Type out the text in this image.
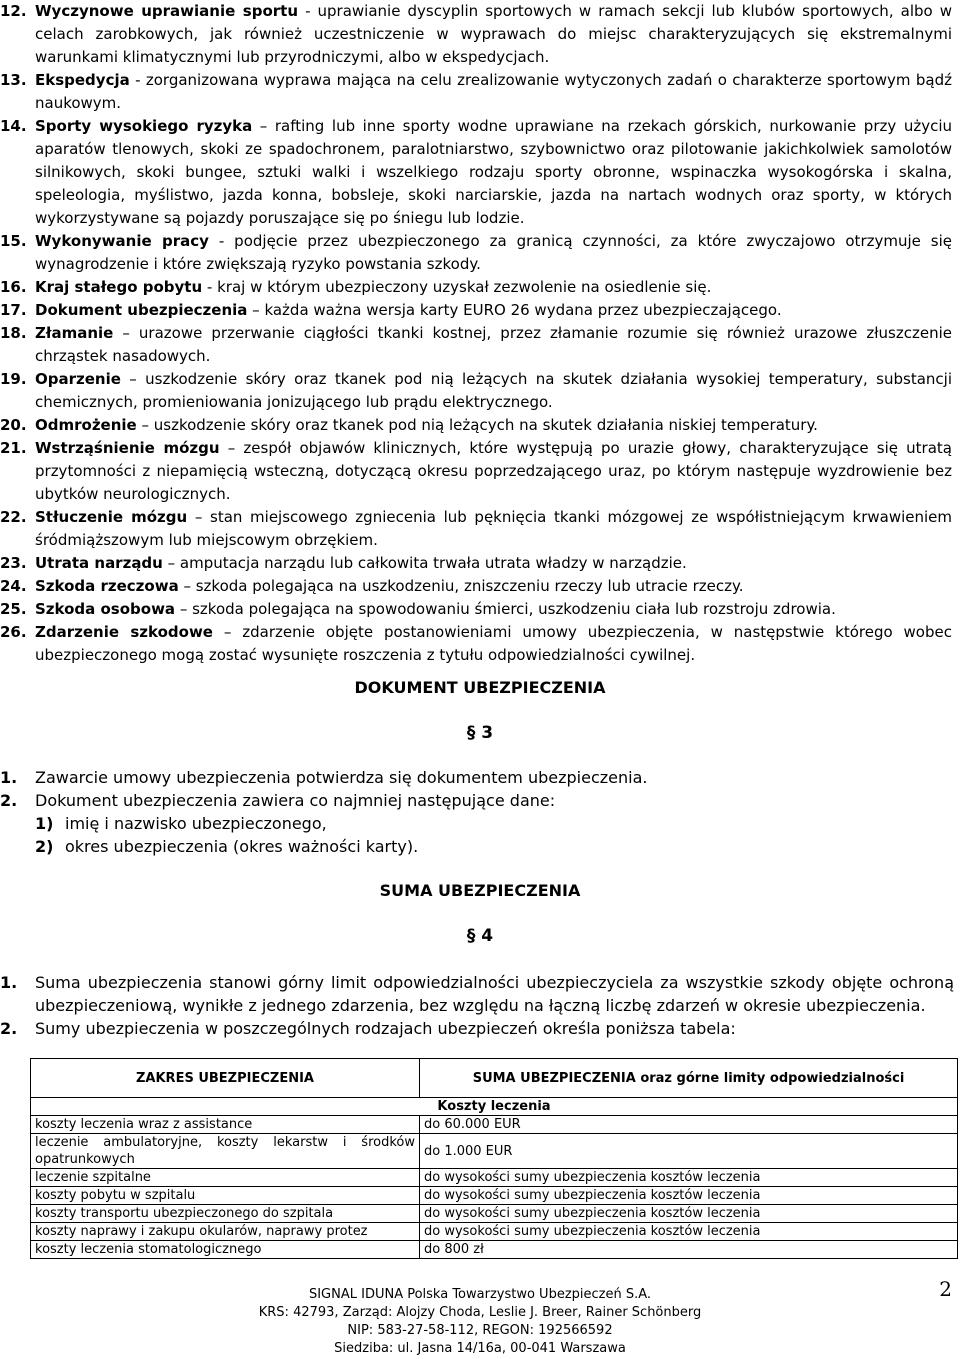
12. Wyczynowe uprawianie sportu - uprawianie dyscyplin sportowych w ramach sekcji lub klubów sportowych, albo w celach zarobkowych, jak również uczestniczenie w wyprawach do miejsc charakteryzujących się ekstremalnymi warunkami klimatycznymi lub przyrodniczymi, albo w ekspedycjach.
13. Ekspedycja - zorganizowana wyprawa mająca na celu zrealizowanie wytyczonych zadań o charakterze sportowym bądź naukowym.
14. Sporty wysokiego ryzyka – rafting lub inne sporty wodne uprawiane na rzekach górskich, nurkowanie przy użyciu aparatów tlenowych, skoki ze spadochronem, paralotniarstwo, szybownictwo oraz pilotowanie jakichkolwiek samolotów silnikowych, skoki bungee, sztuki walki i wszelkiego rodzaju sporty obronne, wspinaczka wysokogórska i skalna, speleologia, myślistwo, jazda konna, bobsleje, skoki narciarskie, jazda na nartach wodnych oraz sporty, w których wykorzystywane są pojazdy poruszające się po śniegu lub lodzie.
15. Wykonywanie pracy - podjęcie przez ubezpieczonego za granicą czynności, za które zwyczajowo otrzymuje się wynagrodzenie i które zwiększają ryzyko powstania szkody.
16. Kraj stałego pobytu - kraj w którym ubezpieczony uzyskał zezwolenie na osiedlenie się.
17. Dokument ubezpieczenia – każda ważna wersja karty EURO 26 wydana przez ubezpieczającego.
18. Złamanie – urazowe przerwanie ciągłości tkanki kostnej, przez złamanie rozumie się również urazowe złuszczenie chrząstek nasadowych.
19. Oparzenie – uszkodzenie skóry oraz tkanek pod nią leżących na skutek działania wysokiej temperatury, substancji chemicznych, promieniowania jonizującego lub prądu elektrycznego.
20. Odmrożenie – uszkodzenie skóry oraz tkanek pod nią leżących na skutek działania niskiej temperatury.
21. Wstrząśnienie mózgu – zespół objawów klinicznych, które występują po urazie głowy, charakteryzujące się utratą przytomności z niepamięcią wsteczną, dotyczącą okresu poprzedzającego uraz, po którym następuje wyzdrowienie bez ubytków neurologicznych.
22. Stłuczenie mózgu – stan miejscowego zgniecenia lub pęknięcia tkanki mózgowej ze współistniejącym krwawieniem śródmiąższowym lub miejscowym obrzękiem.
23. Utrata narządu – amputacja narządu lub całkowita trwała utrata władzy w narządzie.
24. Szkoda rzeczowa – szkoda polegająca na uszkodzeniu, zniszczeniu rzeczy lub utracie rzeczy.
25. Szkoda osobowa – szkoda polegająca na spowodowaniu śmierci, uszkodzeniu ciała lub rozstroju zdrowia.
26. Zdarzenie szkodowe – zdarzenie objęte postanowieniami umowy ubezpieczenia, w następstwie którego wobec ubezpieczonego mogą zostać wysunięte roszczenia z tytułu odpowiedzialności cywilnej.
DOKUMENT UBEZPIECZENIA
§ 3
1. Zawarcie umowy ubezpieczenia potwierdza się dokumentem ubezpieczenia.
2. Dokument ubezpieczenia zawiera co najmniej następujące dane:
1) imię i nazwisko ubezpieczonego,
2) okres ubezpieczenia (okres ważności karty).
SUMA UBEZPIECZENIA
§ 4
1. Suma ubezpieczenia stanowi górny limit odpowiedzialności ubezpieczyciela za wszystkie szkody objęte ochroną ubezpieczeniową, wynikłe z jednego zdarzenia, bez względu na łączną liczbę zdarzeń w okresie ubezpieczenia.
2. Sumy ubezpieczenia w poszczególnych rodzajach ubezpieczeń określa poniższa tabela:
ZAKRES UBEZPIECZENIA	SUMA UBEZPIECZENIA oraz górne limity odpowiedzialności
Koszty leczenia	
koszty leczenia wraz z assistance	do 60.000 EUR
leczenie ambulatoryjne, koszty lekarstw i środków opatrunkowych	do 1.000 EUR
leczenie szpitalne	do wysokości sumy ubezpieczenia kosztów leczenia
koszty pobytu w szpitalu	do wysokości sumy ubezpieczenia kosztów leczenia
koszty transportu ubezpieczonego do szpitala	do wysokości sumy ubezpieczenia kosztów leczenia
koszty naprawy i zakupu okularów, naprawy protez	do wysokości sumy ubezpieczenia kosztów leczenia
koszty leczenia stomatologicznego	do 800 zł
2
SIGNAL IDUNA Polska Towarzystwo Ubezpieczeń S.A.
KRS: 42793, Zarząd: Alojzy Choda, Leslie J. Breer, Rainer Schönberg
NIP: 583-27-58-112, REGON: 192566592
Siedziba: ul. Jasna 14/16a, 00-041 Warszawa
